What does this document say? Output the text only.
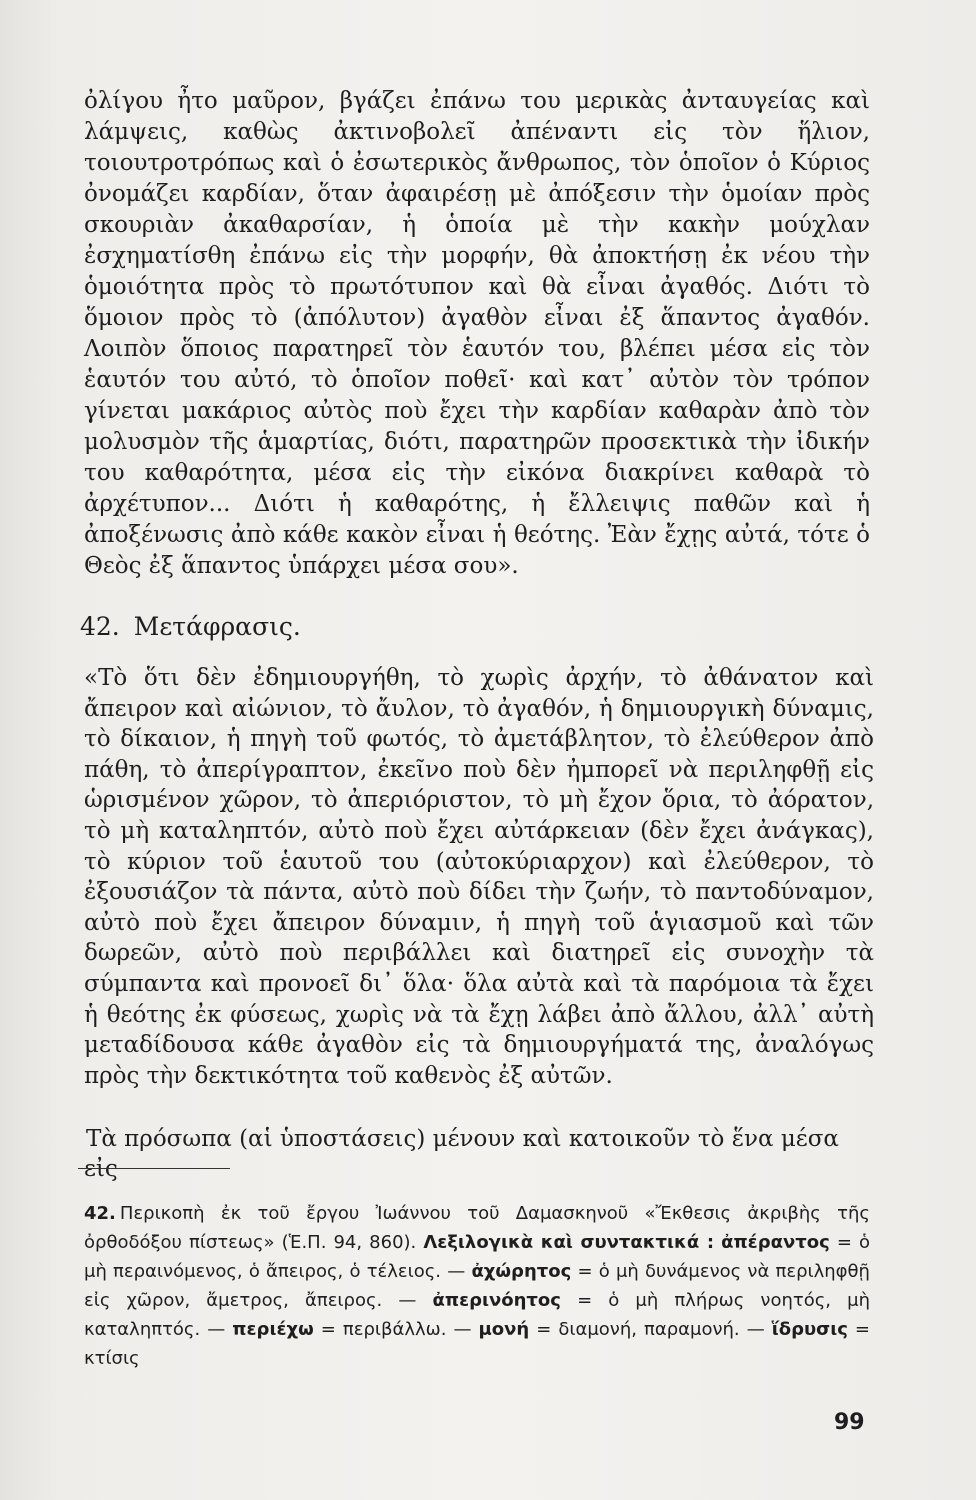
ὀλίγου ἦτο μαῦρον, βγάζει ἐπάνω του μερικὰς ἀνταυγείας καὶ λάμψεις, καθὼς ἀκτινοβολεῖ ἀπέναντι εἰς τὸν ἥλιον, τοιουτροτρόπως καὶ ὁ ἐσωτερικὸς ἄνθρωπος, τὸν ὁποῖον ὁ Κύριος ὀνομάζει καρδίαν, ὅταν ἀφαιρέσῃ μὲ ἀπόξεσιν τὴν ὁμοίαν πρὸς σκουριὰν ἀκαθαρσίαν, ἡ ὁποία μὲ τὴν κακὴν μούχλαν ἐσχηματίσθη ἐπάνω εἰς τὴν μορφήν, θὰ ἀποκτήσῃ ἐκ νέου τὴν ὁμοιότητα πρὸς τὸ πρωτότυπον καὶ θὰ εἶναι ἀγαθός. Διότι τὸ ὅμοιον πρὸς τὸ (ἀπόλυτον) ἀγαθὸν εἶναι ἐξ ἅπαντος ἀγαθόν. Λοιπὸν ὅποιος παρατηρεῖ τὸν ἑαυτόν του, βλέπει μέσα εἰς τὸν ἑαυτόν του αὐτό, τὸ ὁποῖον ποθεῖ· καὶ κατ᾽ αὐτὸν τὸν τρόπον γίνεται μακάριος αὐτὸς ποὺ ἔχει τὴν καρδίαν καθαρὰν ἀπὸ τὸν μολυσμὸν τῆς ἁμαρτίας, διότι, παρατηρῶν προσεκτικὰ τὴν ἰδικήν του καθαρότητα, μέσα εἰς τὴν εἰκόνα διακρίνει καθαρὰ τὸ ἀρχέτυπον... Διότι ἡ καθαρότης, ἡ ἔλλειψις παθῶν καὶ ἡ ἀποξένωσις ἀπὸ κάθε κακὸν εἶναι ἡ θεότης. Ἐὰν ἔχῃς αὐτά, τότε ὁ Θεὸς ἐξ ἅπαντος ὑπάρχει μέσα σου».

42. Μετάφρασις.

«Τὸ ὅτι δὲν ἐδημιουργήθη, τὸ χωρὶς ἀρχήν, τὸ ἀθάνατον καὶ ἄπειρον καὶ αἰώνιον, τὸ ἄυλον, τὸ ἀγαθόν, ἡ δημιουργικὴ δύναμις, τὸ δίκαιον, ἡ πηγὴ τοῦ φωτός, τὸ ἀμετάβλητον, τὸ ἐλεύθερον ἀπὸ πάθη, τὸ ἀπερίγραπτον, ἐκεῖνο ποὺ δὲν ἠμπορεῖ νὰ περιληφθῇ εἰς ὡρισμένον χῶρον, τὸ ἀπεριόριστον, τὸ μὴ ἔχον ὅρια, τὸ ἀόρατον, τὸ μὴ καταληπτόν, αὐτὸ ποὺ ἔχει αὐτάρκειαν (δὲν ἔχει ἀνάγκας), τὸ κύριον τοῦ ἑαυτοῦ του (αὐτοκύριαρχον) καὶ ἐλεύθερον, τὸ ἐξουσιάζον τὰ πάντα, αὐτὸ ποὺ δίδει τὴν ζωήν, τὸ παντοδύναμον, αὐτὸ ποὺ ἔχει ἄπειρον δύναμιν, ἡ πηγὴ τοῦ ἁγιασμοῦ καὶ τῶν δωρεῶν, αὐτὸ ποὺ περιβάλλει καὶ διατηρεῖ εἰς συνοχὴν τὰ σύμπαντα καὶ προνοεῖ δι᾽ ὅλα· ὅλα αὐτὰ καὶ τὰ παρόμοια τὰ ἔχει ἡ θεότης ἐκ φύσεως, χωρὶς νὰ τὰ ἔχῃ λάβει ἀπὸ ἄλλου, ἀλλ᾽ αὐτὴ μεταδίδουσα κάθε ἀγαθὸν εἰς τὰ δημιουργήματά της, ἀναλόγως πρὸς τὴν δεκτικότητα τοῦ καθενὸς ἐξ αὐτῶν.

Τὰ πρόσωπα (αἱ ὑποστάσεις) μένουν καὶ κατοικοῦν τὸ ἕνα μέσα εἰς

42. Περικοπὴ ἐκ τοῦ ἔργου Ἰωάννου τοῦ Δαμασκηνοῦ «Ἔκθεσις ἀκριβὴς τῆς ὀρθοδόξου πίστεως» (Ἑ.Π. 94, 860). Λεξιλογικὰ καὶ συντακτικά : ἀπέραντος = ὁ μὴ περαινόμενος, ὁ ἄπειρος, ὁ τέλειος. — ἀχώρητος = ὁ μὴ δυνάμενος νὰ περιληφθῇ εἰς χῶρον, ἄμετρος, ἄπειρος. — ἀπερινόητος = ὁ μὴ πλήρως νοητός, μὴ καταληπτός. — περιέχω = περιβάλλω. — μονή = διαμονή, παραμονή. — ἵδρυσις = κτίσις

99
